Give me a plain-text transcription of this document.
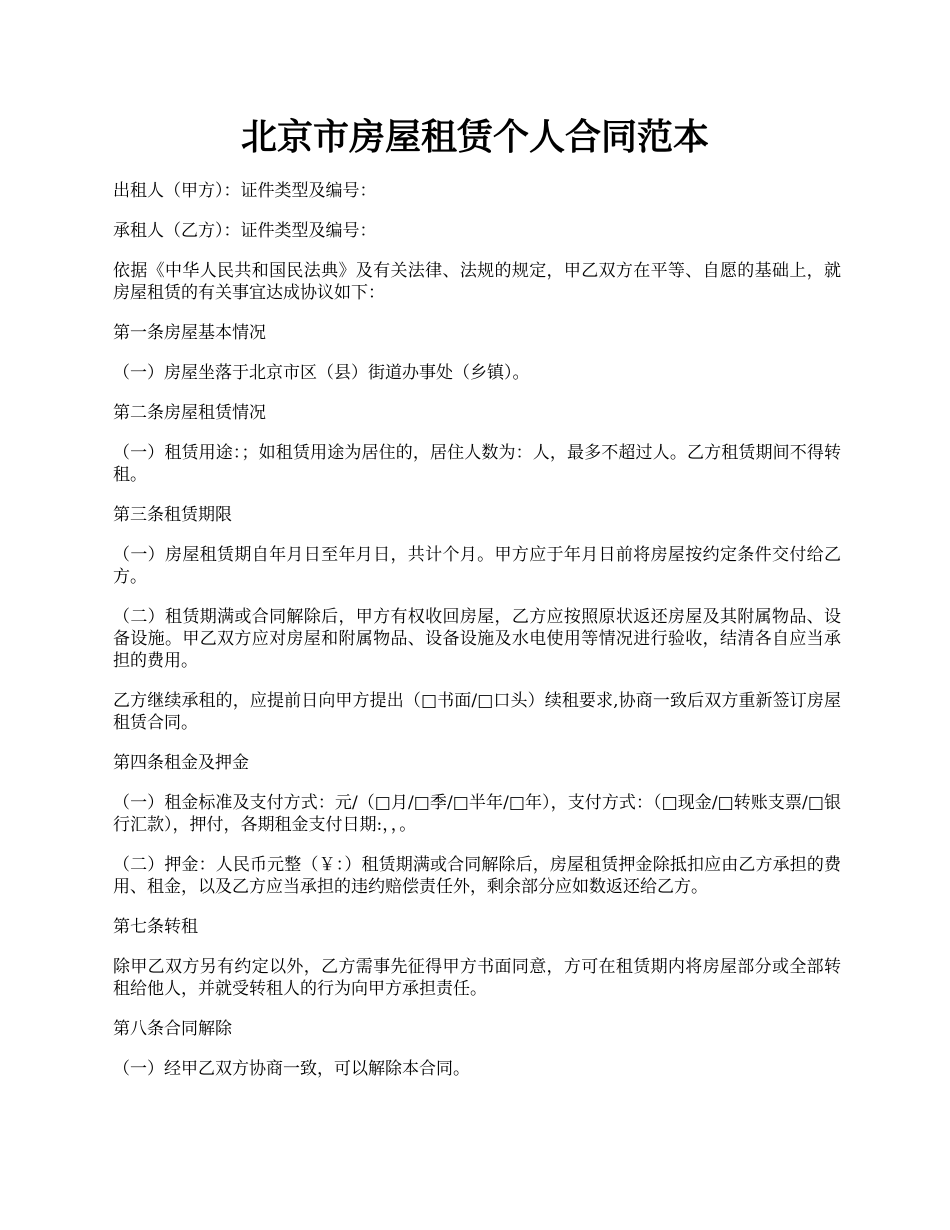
北京市房屋租赁个人合同范本

出租人（甲方）：证件类型及编号：

承租人（乙方）：证件类型及编号：

依据《中华人民共和国民法典》及有关法律、法规的规定，甲乙双方在平等、自愿的基础上，就房屋租赁的有关事宜达成协议如下：

第一条房屋基本情况

（一）房屋坐落于北京市区（县）街道办事处（乡镇）。

第二条房屋租赁情况

（一）租赁用途：；如租赁用途为居住的，居住人数为：人，最多不超过人。乙方租赁期间不得转租。

第三条租赁期限

（一）房屋租赁期自年月日至年月日，共计个月。甲方应于年月日前将房屋按约定条件交付给乙方。

（二）租赁期满或合同解除后，甲方有权收回房屋，乙方应按照原状返还房屋及其附属物品、设备设施。甲乙双方应对房屋和附属物品、设备设施及水电使用等情况进行验收，结清各自应当承担的费用。

乙方继续承租的，应提前日向甲方提出（□书面/□口头）续租要求,协商一致后双方重新签订房屋租赁合同。

第四条租金及押金

（一）租金标准及支付方式：元/（□月/□季/□半年/□年），支付方式：（□现金/□转账支票/□银行汇款），押付，各期租金支付日期:，，。

（二）押金：人民币元整（￥：）租赁期满或合同解除后，房屋租赁押金除抵扣应由乙方承担的费用、租金，以及乙方应当承担的违约赔偿责任外，剩余部分应如数返还给乙方。

第七条转租

除甲乙双方另有约定以外，乙方需事先征得甲方书面同意，方可在租赁期内将房屋部分或全部转租给他人，并就受转租人的行为向甲方承担责任。

第八条合同解除

（一）经甲乙双方协商一致，可以解除本合同。
